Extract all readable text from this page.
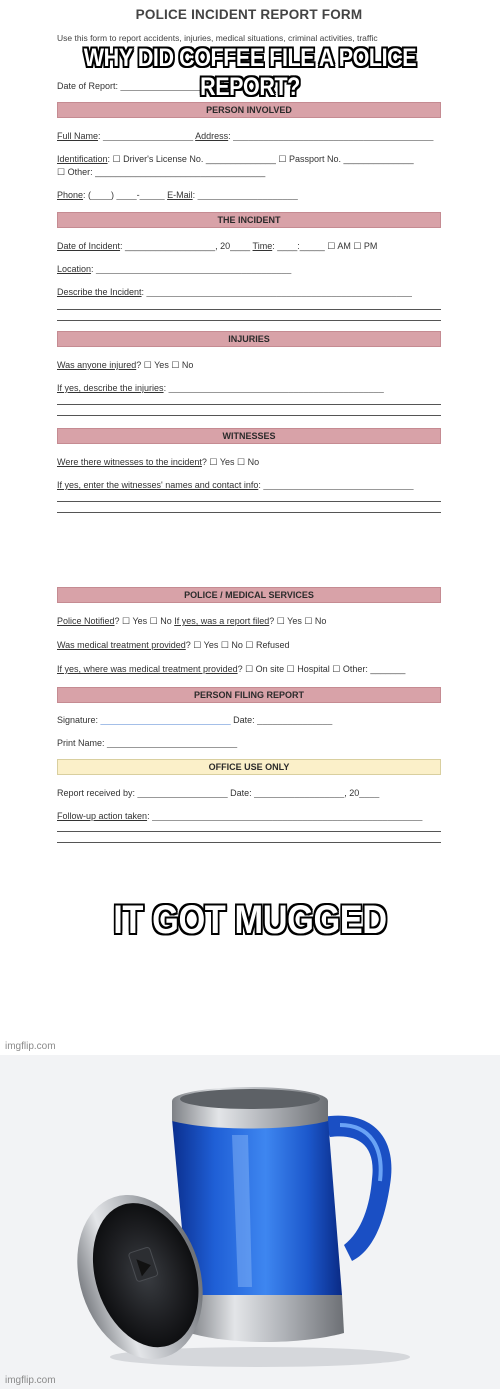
POLICE INCIDENT REPORT FORM
Use this form to report accidents, injuries, medical situations, criminal activities, traffic
Date of Report: __________________, 20____
PERSON INVOLVED
Full Name: __________________ Address: ________________________________________
Identification: ☐ Driver's License No. ______________ ☐ Passport No. ______________
☐ Other: __________________________________
Phone: (____) ____-_____ E-Mail: ____________________
THE INCIDENT
Date of Incident: __________________, 20____ Time: ____:_____ ☐ AM ☐ PM
Location: _______________________________________
Describe the Incident: _____________________________________________________
INJURIES
Was anyone injured? ☐ Yes ☐ No
If yes, describe the injuries: ___________________________________________
WITNESSES
Were there witnesses to the incident? ☐ Yes ☐ No
If yes, enter the witnesses' names and contact info: ______________________________
POLICE / MEDICAL SERVICES
Police Notified? ☐ Yes ☐ No If yes, was a report filed? ☐ Yes ☐ No
Was medical treatment provided? ☐ Yes ☐ No ☐ Refused
If yes, where was medical treatment provided? ☐ On site ☐ Hospital ☐ Other: _______
PERSON FILING REPORT
Signature: __________________________ Date: _______________
Print Name: __________________________
OFFICE USE ONLY
Report received by: __________________ Date: __________________, 20____
Follow-up action taken: ______________________________________________________
WHY DID COFFEE FILE A POLICE REPORT?
IT GOT MUGGED
imgflip.com
imgflip.com
